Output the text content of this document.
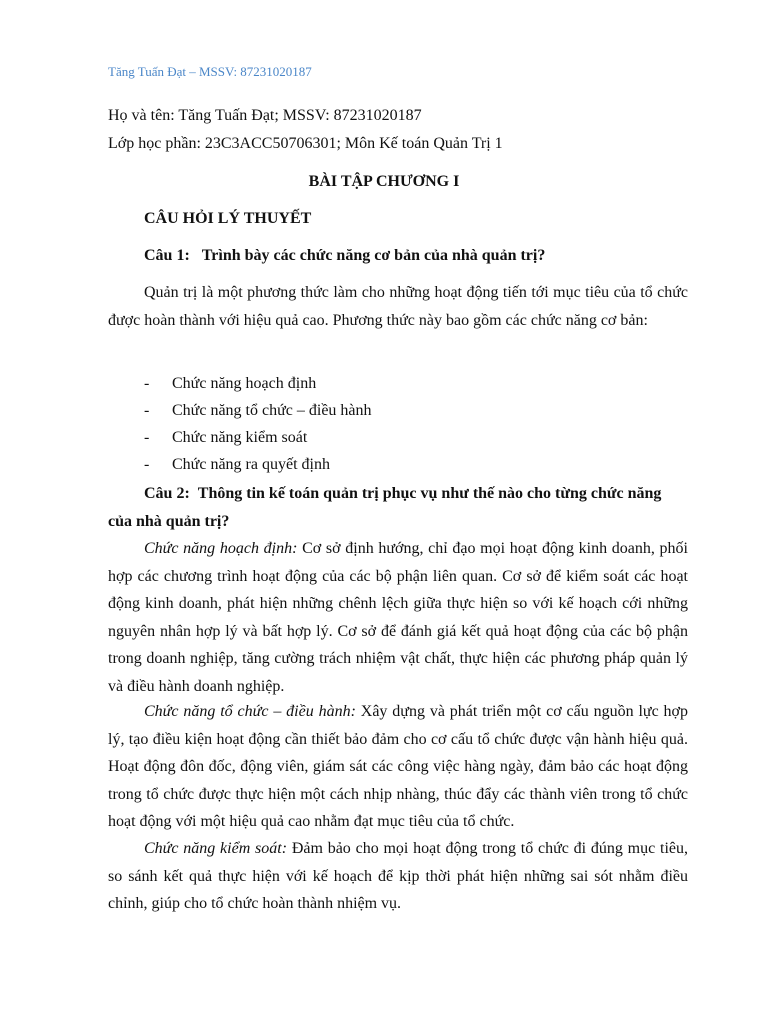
Tăng Tuấn Đạt – MSSV: 87231020187
Họ và tên: Tăng Tuấn Đạt; MSSV: 87231020187
Lớp học phần: 23C3ACC50706301; Môn Kế toán Quản Trị 1
BÀI TẬP CHƯƠNG I
CÂU HỎI LÝ THUYẾT
Câu 1: Trình bày các chức năng cơ bản của nhà quản trị?
Quản trị là một phương thức làm cho những hoạt động tiến tới mục tiêu của tổ chức được hoàn thành với hiệu quả cao. Phương thức này bao gồm các chức năng cơ bản:
- Chức năng hoạch định
- Chức năng tổ chức – điều hành
- Chức năng kiểm soát
- Chức năng ra quyết định
Câu 2: Thông tin kế toán quản trị phục vụ như thế nào cho từng chức năng của nhà quản trị?
Chức năng hoạch định: Cơ sở định hướng, chỉ đạo mọi hoạt động kinh doanh, phối hợp các chương trình hoạt động của các bộ phận liên quan. Cơ sở để kiểm soát các hoạt động kinh doanh, phát hiện những chênh lệch giữa thực hiện so với kế hoạch cới những nguyên nhân hợp lý và bất hợp lý. Cơ sở để đánh giá kết quả hoạt động của các bộ phận trong doanh nghiệp, tăng cường trách nhiệm vật chất, thực hiện các phương pháp quản lý và điều hành doanh nghiệp.
Chức năng tổ chức – điều hành: Xây dựng và phát triển một cơ cấu nguồn lực hợp lý, tạo điều kiện hoạt động cần thiết bảo đảm cho cơ cấu tổ chức được vận hành hiệu quả. Hoạt động đôn đốc, động viên, giám sát các công việc hàng ngày, đảm bảo các hoạt động trong tổ chức được thực hiện một cách nhịp nhàng, thúc đẩy các thành viên trong tổ chức hoạt động với một hiệu quả cao nhằm đạt mục tiêu của tổ chức.
Chức năng kiểm soát: Đảm bảo cho mọi hoạt động trong tổ chức đi đúng mục tiêu, so sánh kết quả thực hiện với kế hoạch để kịp thời phát hiện những sai sót nhằm điều chỉnh, giúp cho tổ chức hoàn thành nhiệm vụ.
